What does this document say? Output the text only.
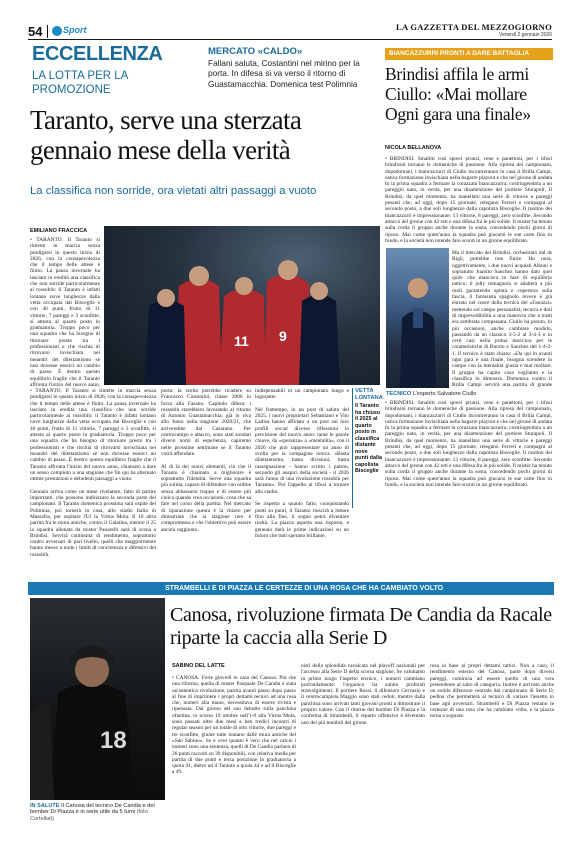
54 Sport	LA GAZZETTA DEL MEZZOGIORNO
Venerdì 2 gennaio 2026
ECCELLENZA
LA LOTTA PER LA PROMOZIONE
MERCATO «CALDO»
Fallani saluta, Costantini nel mirino per la porta. In difesa si va verso il ritorno di Guastamacchia. Domenica test Polimnia
BIANCAZZURRI PRONTI A DARE BATTAGLIA
Brindisi affila le armi Ciullo: «Mai mollare Ogni gara una finale»
NICOLA BELLANOVA
• BRINDISI. Smaltiti così spreci prunzi, cene e panettoni, per i tifosi brindisini tornano le domeniche di passione. Alla ripresa del campionato, dopodomani, i biancazzurri di Ciullo incontreranno in casa il Brilla Campi, ostica formazione invischiata nella bagarre playout e che nel girone di andata fu la prima squadra a fermare la corazzata biancazzurra, costringendola a un pareggio nato, in verità, per una disattenzione del portiere Sturapoli. Il Brindisi, da quel momento, ha inanellato una serie di vittorie e pareggi pesanti che, ad oggi, dopo 15 giornate, relegano Ferreri e compagni al secondo posto, a due soli lunghezze dalla capolista Bisceglie. Il ruolino dei biancazzurri è impressionante: 13 vittorie, 8 pareggi, zero sconfitte. Secondo attacco del girone con 42 reti e una difesa fra le più solide. Il mister ha tenuto sulla corda il gruppo anche durante la sosta, concedendo pochi giorni di riposo. Mai come quest'anno la squadra può giocarsi le sue carte fino in fondo, e la società non intende fare sconti in un girone equilibrato.
TECNICO L'esperto Salvatore Ciullo
Ma il mercato dei Brindisi, orchestrato dal ds Rigli, potrebbe non finire. Ho nora, oggettivamente, i due nuovi acquisti Albuni e sopratutto Juanito Sanchez hanno dato quel quid- che mancava in fase di equilibrio tattico: il jolly romagnolo si adatterà a più ruoli garantendo spinta e copertura sulla fascia, il fantasista spagnolo invece è già entrato nel cuore della tecnica del «Fanuzzi» mettendo sul campo personalità, tecnica e doti di imprevedibilità a una manovra che a tratti era sembrata compassata. Ciullo ha potuto, in più occasioni, anche cambiare modulo, passando da un classico 3-5-2 al 3-4-3 o in certi casi nella prima mezz'ora per le caratteristiche di Burzio e Sanchez del 1-4-2-1. Il tecnico è stato chiaro: «Da qui in avanti ogni gara è una finale, bisogna scendere in campo con la mentalità giusta e mai mollare. Il gruppo ha capito cosa vogliamo e la classifica lo dimostra. Domenica contro il Brilla Campi servirà una partita di grande
• BRINDISI. Smaltiti così spreci prunzi, cene e panettoni, per i tifosi brindisini tornano le domeniche di passione. Alla ripresa del campionato, dopodomani, i biancazzurri di Ciullo incontreranno in casa il Brilla Campi, ostica formazione invischiata nella bagarre playout e che nel girone di andata fu la prima squadra a fermare la corazzata biancazzurra, costringendola a un pareggio nato, in verità, per una disattenzione del portiere Sturapoli. Il Brindisi, da quel momento, ha inanellato una serie di vittorie e pareggi pesanti che, ad oggi, dopo 15 giornate, relegano Ferreri e compagni al secondo posto, a due soli lunghezze dalla capolista Bisceglie. Il ruolino dei biancazzurri è impressionante: 13 vittorie, 8 pareggi, zero sconfitte. Secondo attacco del girone con 42 reti e una difesa fra le più solide. Il mister ha tenuto sulla corda il gruppo anche durante la sosta, concedendo pochi giorni di riposo. Mai come quest'anno la squadra può giocarsi le sue carte fino in fondo, e la società non intende fare sconti in un girone equilibrato.
Taranto, serve una sterzata gennaio mese della verità
La classifica non sorride, ora vietati altri passaggi a vuoto
EMILIANO FRACCICA
11 9
• TARANTO. Il Taranto si rimette in marcia senza prodigarsi in questo inizio di 2026, con la consapevolezza che il tempo delle attese è finito. La pausa invernale ha lasciato in eredità una classifica che non sorride particolarmente ai rossoblù: il Taranto è infatti lontano nove lunghezze dalla vetta occupata dal Bisceglie e con 46 punti, frutto di 11 vittorie, 7 pareggi e 3 sconfitte, si attesta al quarto posto in graduatoria. Troppo poco per una squadra che ha bisogno di ritornare presto tra i professionisti e che rischia di ritrovarsi invischiata nei meandri del dilettantismo se non dovesse esserci un cambio di passo. È dentro questo equilibrio fragile che il Taranto affronta l'inizio del nuovo anno,

• TARANTO. Il Taranto si rimette in marcia senza prodigarsi in questo inizio di 2026, con la consapevolezza che il tempo delle attese è finito. La pausa invernale ha lasciato in eredità una classifica che non sorride particolarmente ai rossoblù: il Taranto è infatti lontano nove lunghezze dalla vetta occupata dal Bisceglie e con 46 punti, frutto di 11 vittorie, 7 pareggi e 3 sconfitte, si attesta al quarto posto in graduatoria. Troppo poco per una squadra che ha bisogno di ritornare presto tra i professionisti e che rischia di ritrovarsi invischiata nei meandri del dilettantismo se non dovesse esserci un cambio di passo. È dentro questo equilibrio fragile che il Taranto affronta l'inizio del nuovo anno, chiamato a dare un senso compiuto a una stagione che fin qui ha alternato ottime prestazioni e deludenti passaggi a vuoto.

Gennaio arriva come un mese rivelatore, fatto di partite importanti, che possono indirizzare la seconda parte del campionato. Il Taranto domenica prossima sarà ospite del Polimnia, poi tornerà in casa, allo stadio Italia di Massafra, per ospitare l'Ui la Virtus Mola. Il 18 altra partita fra le mura amiche, contro il Galatina, mentre il 25 la squadra allenata da mister Panarelli sarà di scena a Brindisi. Servirà continuità di rendimento, soprattutto contro avversari di pari livello, quelli che maggiormente hanno messo a nudo i limiti di concretezza e difensivi dei rossoblù.
porta: la scelta potrebbe ricadere su Francesco Costantini, classe 2006 in forza alla Fasano. Capitolo difesa: i rossoblù starebbero lavorando al ritorno di Antonio Guastamacchia, già in riva allo Ionio nella stagione 2020/21, che arriverebbe dal Casarano. Per centrocampo e attacco, sono stati sondati diversi nomi di esperienza, capiremo nelle prossime settimane se il Taranto vorrà affondare.

Al di là dei nuovi elementi, ciò che il Taranto è chiamato a migliorare è soprattutto l'identità. Serve una squadra più solida, capace di difendere con ordine senza abbassarsi troppo e di essere più cinica quando crea occasioni, cosa che sa fare nel corso della partita. Nel mercato di riparazione questa è la chiave per dimostrare che la stagione non è compromessa e che l'obiettivo può essere ancora raggiunto.
indispensabili in un campionato lungo e logorante.

Nel frattempo, in un post di saluto del 2025, i nuovi proprietari Sebastiano e Vito Ladisa hanno affidato a un post sui loro profili social diverse riflessioni in previsione del nuovo anno: tante le parole chiave, da «speranza» a «mentalità», con il 2026 che può rappresentare un anno di svolta per la compagine ionica. «Basta dilettantismo, basta divisioni, basta rassegnazione - hanno scritto i patron, secondo gli auspici della società - il 2026 sarà l'anno di una rivoluzione rossoblù per Taranto». Poi l'appello ai tifosi a tornare allo stadio.

Se rispetto a quanto fatto, conquistando punti su punti, il Taranto riuscirà a lottare fino alla fine, il sogno potrà diventare realtà. La piazza aspetta una risposta, e gennaio darà le prime indicazioni su un futuro che tutti sperano brillante.
VETTA LONTANA
Il Taranto ha chiuso il 2025 al quarto posto in classifica distante nove punti dalla capolista Bisceglie
STRAMBELLI E DI PIAZZA LE CERTEZZE DI UNA ROSA CHE HA CAMBIATO VOLTO
Canosa, rivoluzione firmata De Candia da Racale riparte la caccia alla Serie D
18
IN SALUTE Il Canosa del tecnico De Candia e del bomber Di Piazza è in serie utile da 5 turni (foto Cortellati)
SABINO DEL LATTE
• CANOSA. Forte giovedì in casa del Canosa. Più che una riforma, quella di mister Pasquale De Candia è stata un'autentica rivoluzione, partita avanti passo dopo passo al fine di imprimere i propri dettami tecnici ad una rosa che, numeri alla mano, necessitava di essere rivista e ripensata. Dal giorno del suo debutto sulla panchina ofantina, lo scorso 19 ottobre nell'1-0 alla Virtus Mola, sono passati oltre due mesi e ben tredici incontri di regular season per un totale di otto vittorie, due pareggi e tre sconfitte, giunte tutte lontano dalle mura amiche del «San Sabino». Se è vero quanto è vero che nel calcio i numeri sono una sentenza, quelli di De Candia parlano di 26 punti raccolti su 39 disponibili, con relativa media per partita di due punti e terza posizione in graduatoria a quota 41, dietro ad il Taranto a quota 44 e ad il Bisceglie a 49.
nisti della splendida cavalcata nel playoff nazionali per l'accesso alla Serie D della scorsa stagione. Se valutiamo in primo luogo l'aspetto tecnico, i numeri cambiano profondamente: l'organico ha subito profondi stravolgimenti. Il portiere Rossi, il difensore Gervasio e il centrocampista Maggio sono stati ceduti, mentre dalla panchina sono arrivati tanti giovani pronti a dimostrare il proprio valore. Con il ritorno del bomber Di Piazza e la conferma di Strambelli, il reparto offensivo è diventato uno dei più temibili del girone.
rosa in base ai propri dettami tattici. Non a caso, il rendimento esterno del Canosa, parte dopo diversi pareggi, comincia ad essere quello di una vera pretendente al salto di categoria. Inoltre è arrivato anche un solido difensore centrale dal campionato di Serie D, pedina che permetterà al tecnico di variare l'assetto in base agli avversari. Strambelli e Di Piazza restano le certezze di una rosa che ha cambiato volto, e la piazza torna a sognare.
